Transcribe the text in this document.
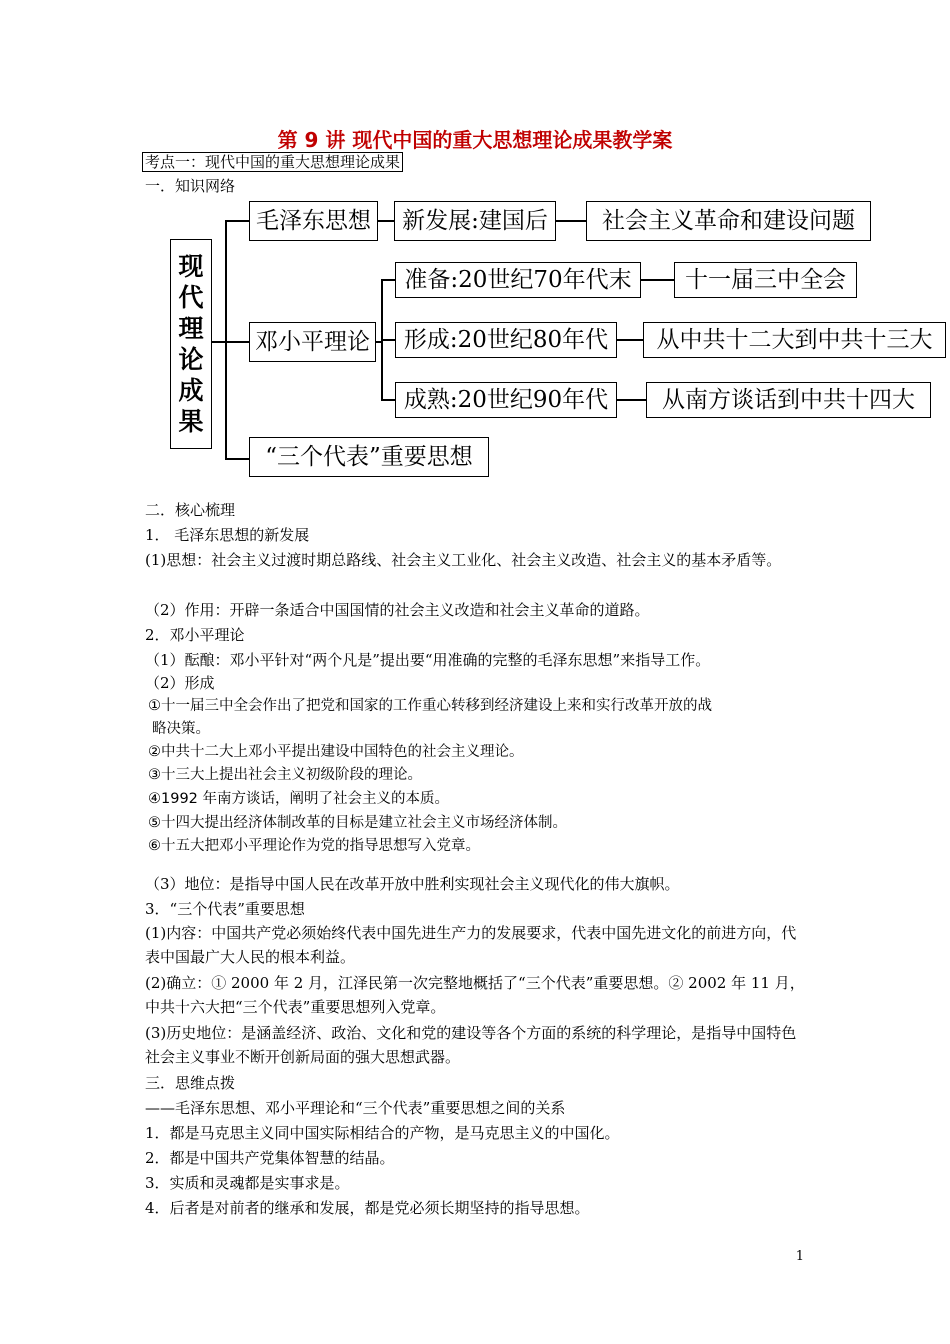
第 9 讲 现代中国的重大思想理论成果教学案
考点一：现代中国的重大思想理论成果
一．知识网络
现
代
理
论
成
果
毛泽东思想	新发展:建国后	社会主义革命和建设问题
邓小平理论
准备:20世纪70年代末	十一届三中全会
形成:20世纪80年代	从中共十二大到中共十三大
成熟:20世纪90年代	从南方谈话到中共十四大
“三个代表”重要思想
二．核心梳理
1． 毛泽东思想的新发展
(1)思想：社会主义过渡时期总路线、社会主义工业化、社会主义改造、社会主义的基本矛盾等。
（2）作用：开辟一条适合中国国情的社会主义改造和社会主义革命的道路。
2．邓小平理论
（1）酝酿：邓小平针对“两个凡是”提出要“用准确的完整的毛泽东思想”来指导工作。
（2）形成
①十一届三中全会作出了把党和国家的工作重心转移到经济建设上来和实行改革开放的战
略决策。
②中共十二大上邓小平提出建设中国特色的社会主义理论。
③十三大上提出社会主义初级阶段的理论。
④1992 年南方谈话，阐明了社会主义的本质。
⑤十四大提出经济体制改革的目标是建立社会主义市场经济体制。
⑥十五大把邓小平理论作为党的指导思想写入党章。
（3）地位：是指导中国人民在改革开放中胜利实现社会主义现代化的伟大旗帜。
3．“三个代表”重要思想
(1)内容：中国共产党必须始终代表中国先进生产力的发展要求，代表中国先进文化的前进方向，代表中国最广大人民的根本利益。
(2)确立：① 2000 年 2 月，江泽民第一次完整地概括了“三个代表”重要思想。② 2002 年 11 月，中共十六大把“三个代表”重要思想列入党章。
(3)历史地位：是涵盖经济、政治、文化和党的建设等各个方面的系统的科学理论，是指导中国特色社会主义事业不断开创新局面的强大思想武器。
三．思维点拨
——毛泽东思想、邓小平理论和“三个代表”重要思想之间的关系
1．都是马克思主义同中国实际相结合的产物，是马克思主义的中国化。
2．都是中国共产党集体智慧的结晶。
3．实质和灵魂都是实事求是。
4．后者是对前者的继承和发展，都是党必须长期坚持的指导思想。
1
